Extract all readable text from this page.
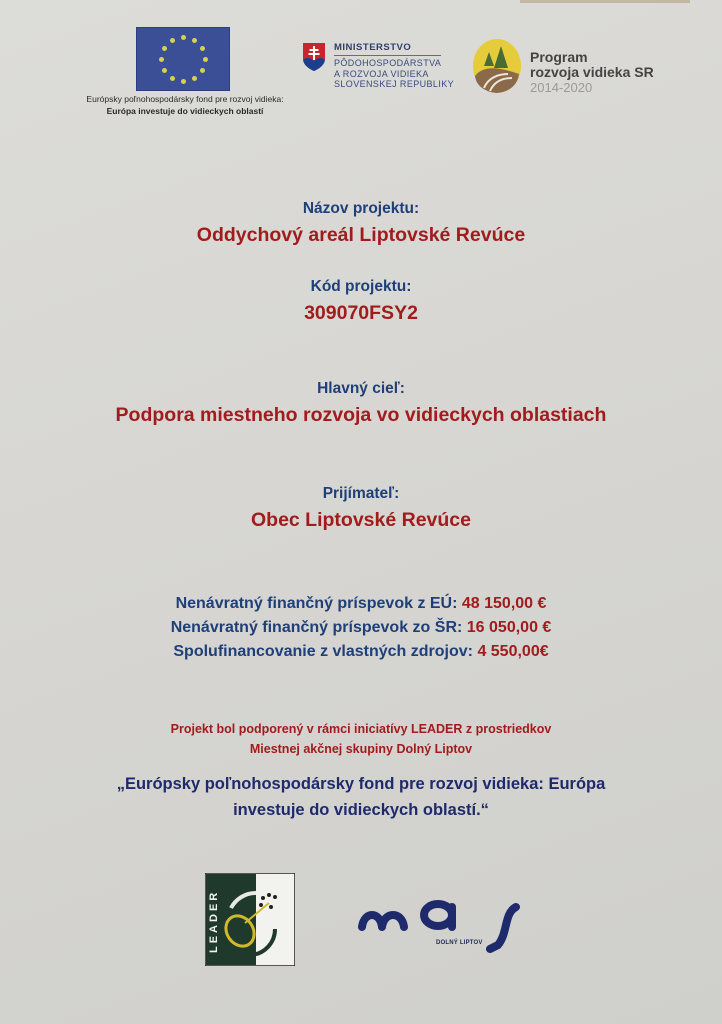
Európsky poľnohospodársky fond pre rozvoj vidieka:
Európa investuje do vidieckych oblastí
MINISTERSTVO
PÔDOHOSPODÁRSTVA
A ROZVOJA VIDIEKA
SLOVENSKEJ REPUBLIKY
Program
rozvoja vidieka SR
2014-2020
Názov projektu:
Oddychový areál Liptovské Revúce
Kód projektu:
309070FSY2
Hlavný cieľ:
Podpora miestneho rozvoja vo vidieckych oblastiach
Prijímateľ:
Obec Liptovské Revúce
Nenávratný finančný príspevok z EÚ: 48 150,00 €
Nenávratný finančný príspevok zo ŠR: 16 050,00 €
Spolufinancovanie z vlastných zdrojov: 4 550,00€
Projekt bol podporený v rámci iniciatívy LEADER z prostriedkov
Miestnej akčnej skupiny Dolný Liptov
„Európsky poľnohospodársky fond pre rozvoj vidieka: Európa
investuje do vidieckych oblastí.“
LEADER	DOLNÝ LIPTOV
